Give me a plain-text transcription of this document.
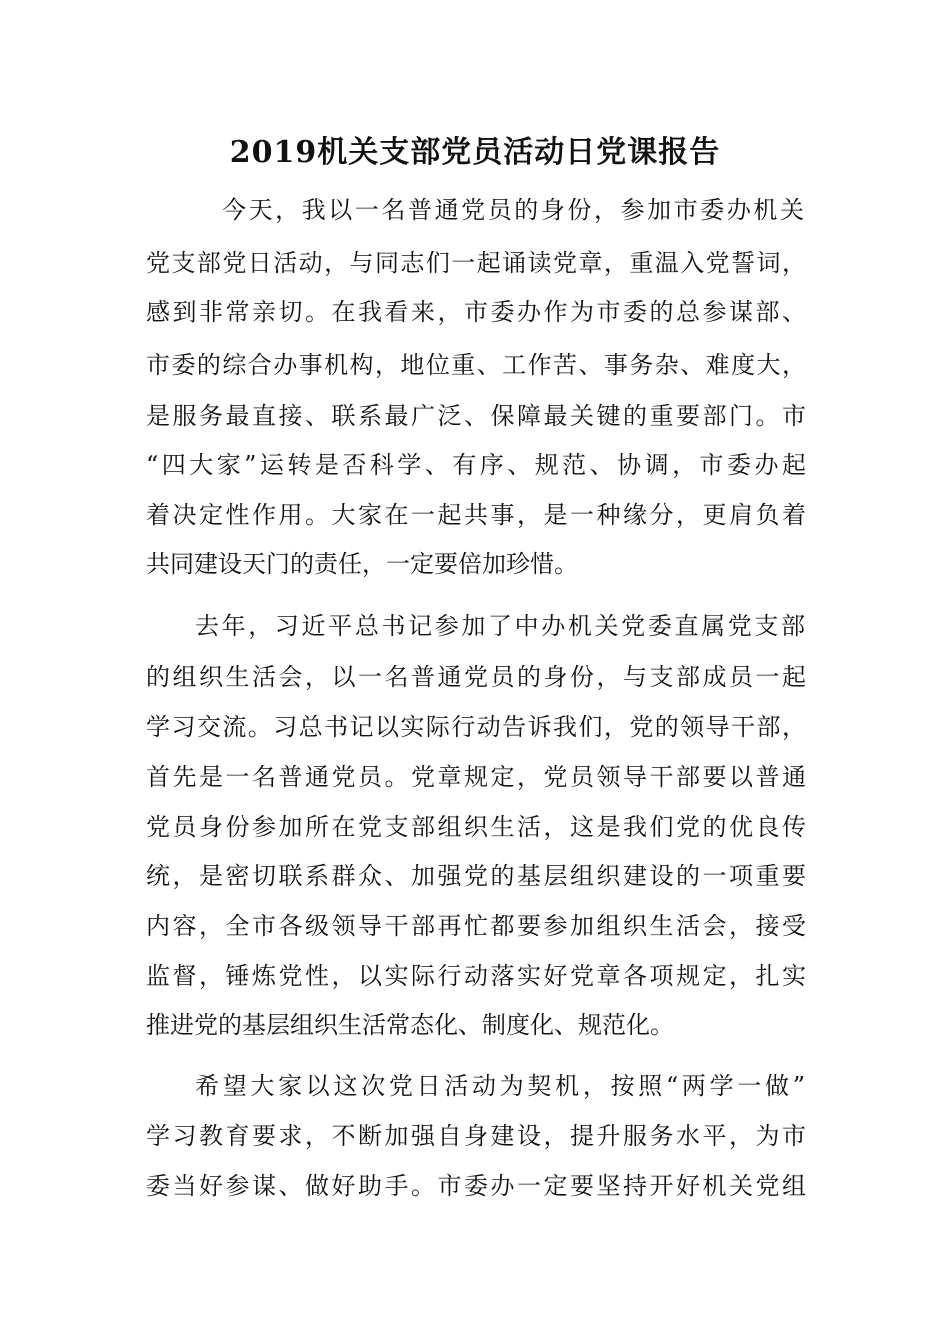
2019机关支部党员活动日党课报告
今天，我以一名普通党员的身份，参加市委办机关
党支部党日活动，与同志们一起诵读党章，重温入党誓词，
感到非常亲切。在我看来，市委办作为市委的总参谋部、
市委的综合办事机构，地位重、工作苦、事务杂、难度大，
是服务最直接、联系最广泛、保障最关键的重要部门。市
“四大家”运转是否科学、有序、规范、协调，市委办起
着决定性作用。大家在一起共事，是一种缘分，更肩负着
共同建设天门的责任，一定要倍加珍惜。
去年，习近平总书记参加了中办机关党委直属党支部
的组织生活会，以一名普通党员的身份，与支部成员一起
学习交流。习总书记以实际行动告诉我们，党的领导干部，
首先是一名普通党员。党章规定，党员领导干部要以普通
党员身份参加所在党支部组织生活，这是我们党的优良传
统，是密切联系群众、加强党的基层组织建设的一项重要
内容，全市各级领导干部再忙都要参加组织生活会，接受
监督，锤炼党性，以实际行动落实好党章各项规定，扎实
推进党的基层组织生活常态化、制度化、规范化。
希望大家以这次党日活动为契机，按照“两学一做”
学习教育要求，不断加强自身建设，提升服务水平，为市
委当好参谋、做好助手。市委办一定要坚持开好机关党组
